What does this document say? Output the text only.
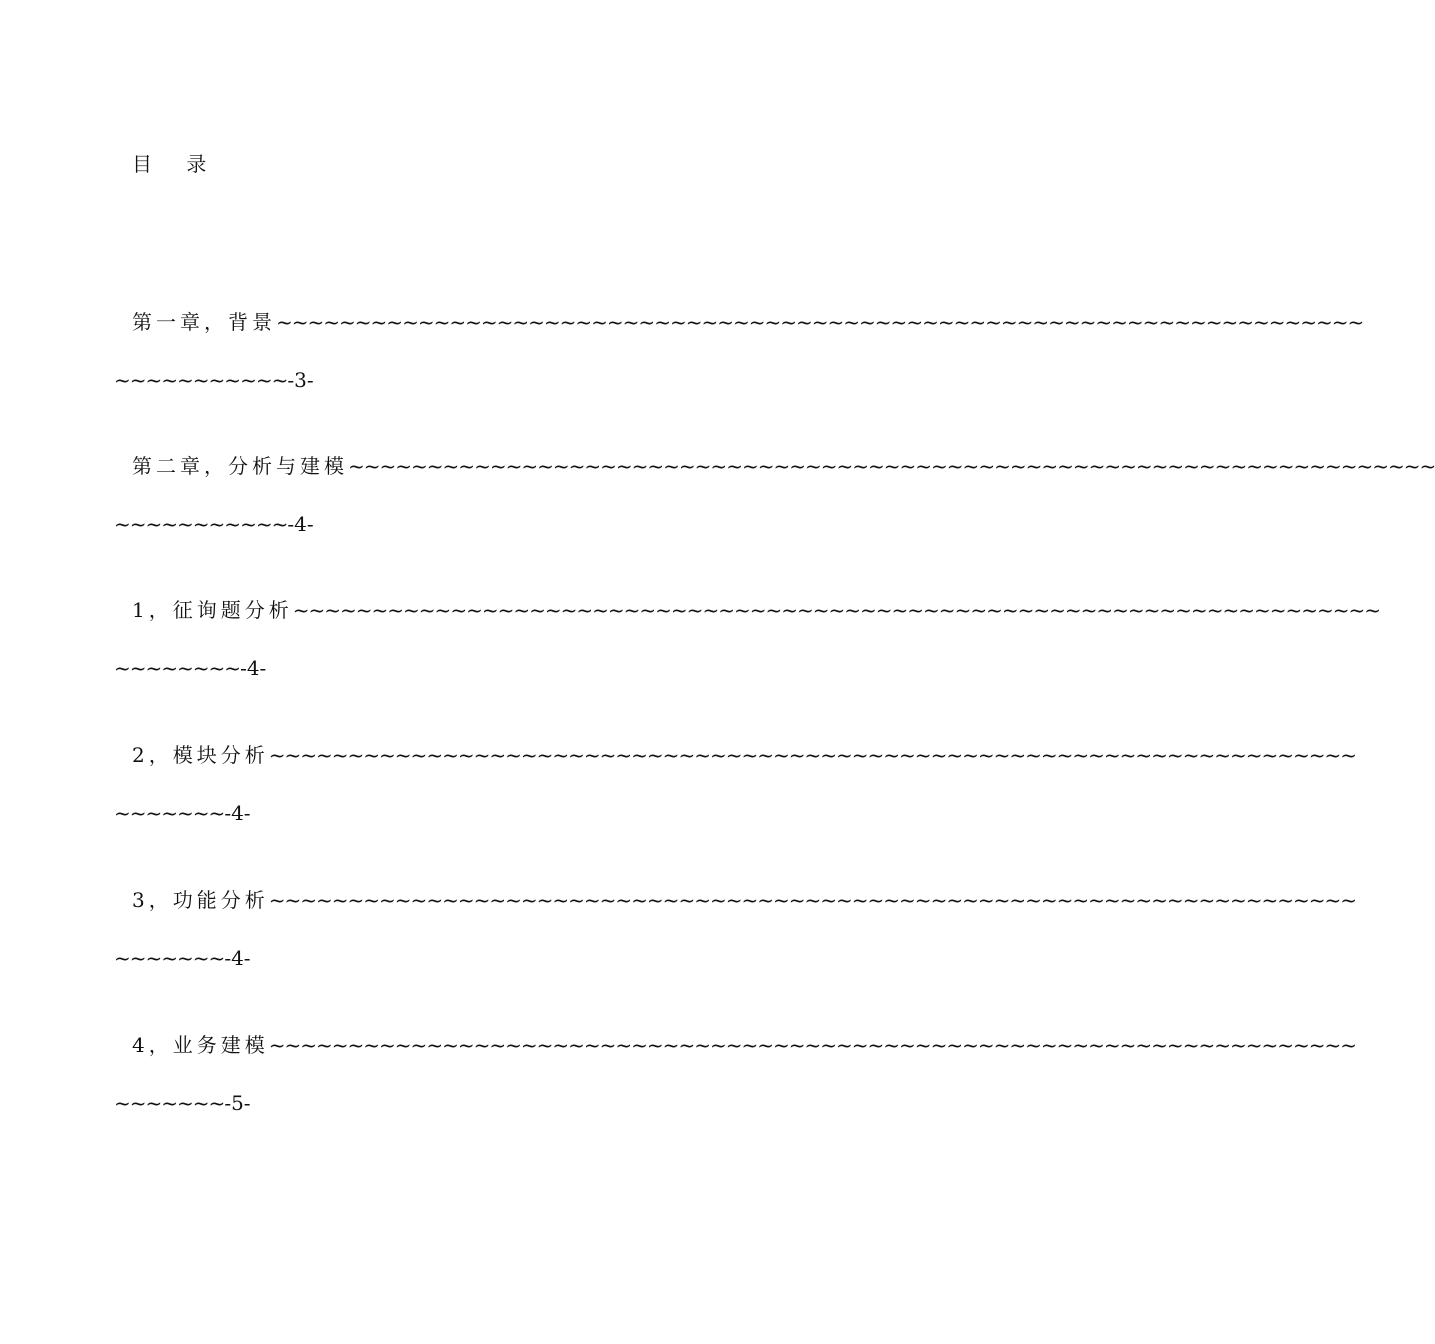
目 录
第一章，背景~~~~~~~~~~~~~~~~~~~~~~~~~~~~~~~~~~~~~~~~~~~~~~~~~~~~~~~~~~~~~~~~~~~~~
~~~~~~~~~~~-3-
第二章，分析与建模~~~~~~~~~~~~~~~~~~~~~~~~~~~~~~~~~~~~~~~~~~~~~~~~~~~~~~~~~~~~~~~~~~~~~
~~~~~~~~~~~-4-
1，征询题分析~~~~~~~~~~~~~~~~~~~~~~~~~~~~~~~~~~~~~~~~~~~~~~~~~~~~~~~~~~~~~~~~~~~~~
~~~~~~~~-4-
2，模块分析~~~~~~~~~~~~~~~~~~~~~~~~~~~~~~~~~~~~~~~~~~~~~~~~~~~~~~~~~~~~~~~~~~~~~
~~~~~~~-4-
3，功能分析~~~~~~~~~~~~~~~~~~~~~~~~~~~~~~~~~~~~~~~~~~~~~~~~~~~~~~~~~~~~~~~~~~~~~
~~~~~~~-4-
4，业务建模~~~~~~~~~~~~~~~~~~~~~~~~~~~~~~~~~~~~~~~~~~~~~~~~~~~~~~~~~~~~~~~~~~~~~
~~~~~~~-5-
